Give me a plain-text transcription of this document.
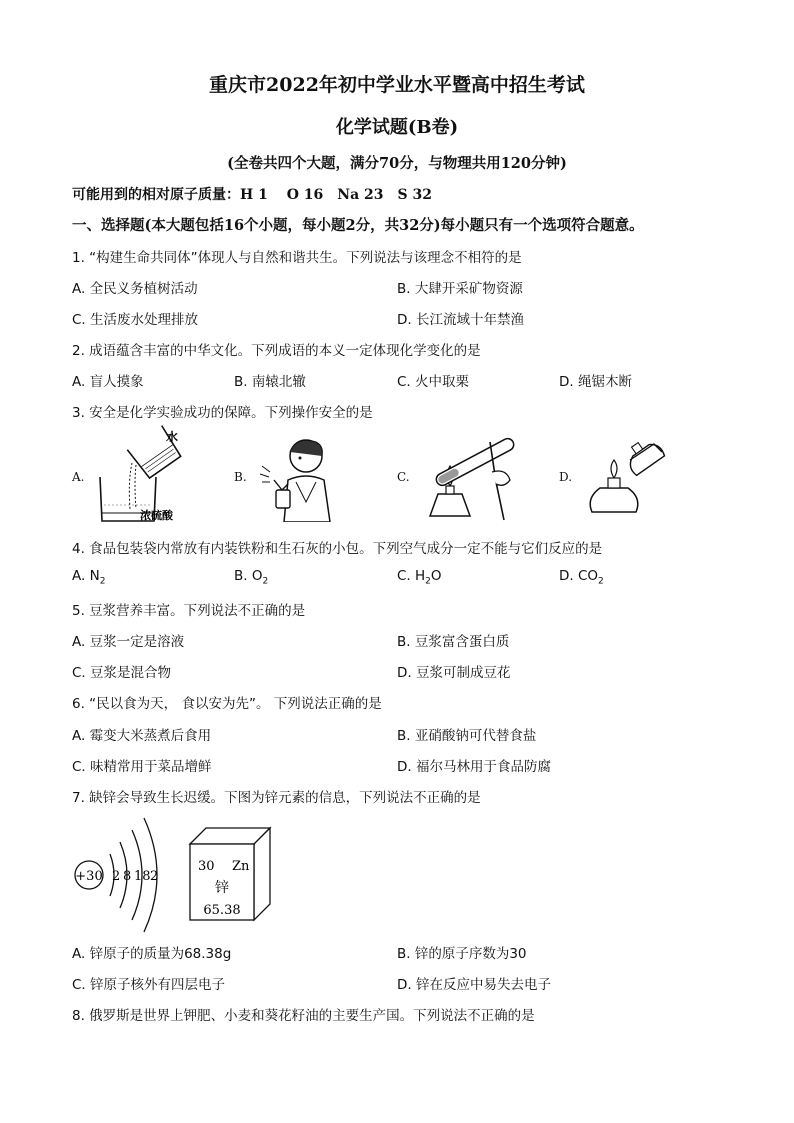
重庆市2022年初中学业水平暨高中招生考试
化学试题(B卷)
(全卷共四个大题，满分70分，与物理共用120分钟)
可能用到的相对原子质量：H 1　 O 16　Na 23　S 32
一、选择题(本大题包括16个小题，每小题2分，共32分)每小题只有一个选项符合题意。
1. “构建生命共同体”体现人与自然和谐共生。下列说法与该理念不相符的是
A. 全民义务植树活动	B. 大肆开采矿物资源
C. 生活废水处理排放	D. 长江流域十年禁渔
2. 成语蕴含丰富的中华文化。下列成语的本义一定体现化学变化的是
A. 盲人摸象	B. 南辕北辙	C. 火中取栗	D. 绳锯木断
3. 安全是化学实验成功的保障。下列操作安全的是
A.
水
浓硫酸
B.	C.	D.
4. 食品包装袋内常放有内装铁粉和生石灰的小包。下列空气成分一定不能与它们反应的是
A. $N_2$	B. $O_2$	C. $H_2O$	D. $CO_2$
5. 豆浆营养丰富。下列说法不正确的是
A. 豆浆一定是溶液	B. 豆浆富含蛋白质
C. 豆浆是混合物	D. 豆浆可制成豆花
6. “民以食为天， 食以安为先”。 下列说法正确的是
A. 霉变大米蒸煮后食用	B. 亚硝酸钠可代替食盐
C. 味精常用于菜品增鲜	D. 福尔马林用于食品防腐
7. 缺锌会导致生长迟缓。下图为锌元素的信息，下列说法不正确的是
+30 2 8 18 2
30 Zn
锌
65.38
A. 锌原子的质量为68.38g	B. 锌的原子序数为30
C. 锌原子核外有四层电子	D. 锌在反应中易失去电子
8. 俄罗斯是世界上钾肥、小麦和葵花籽油的主要生产国。下列说法不正确的是
